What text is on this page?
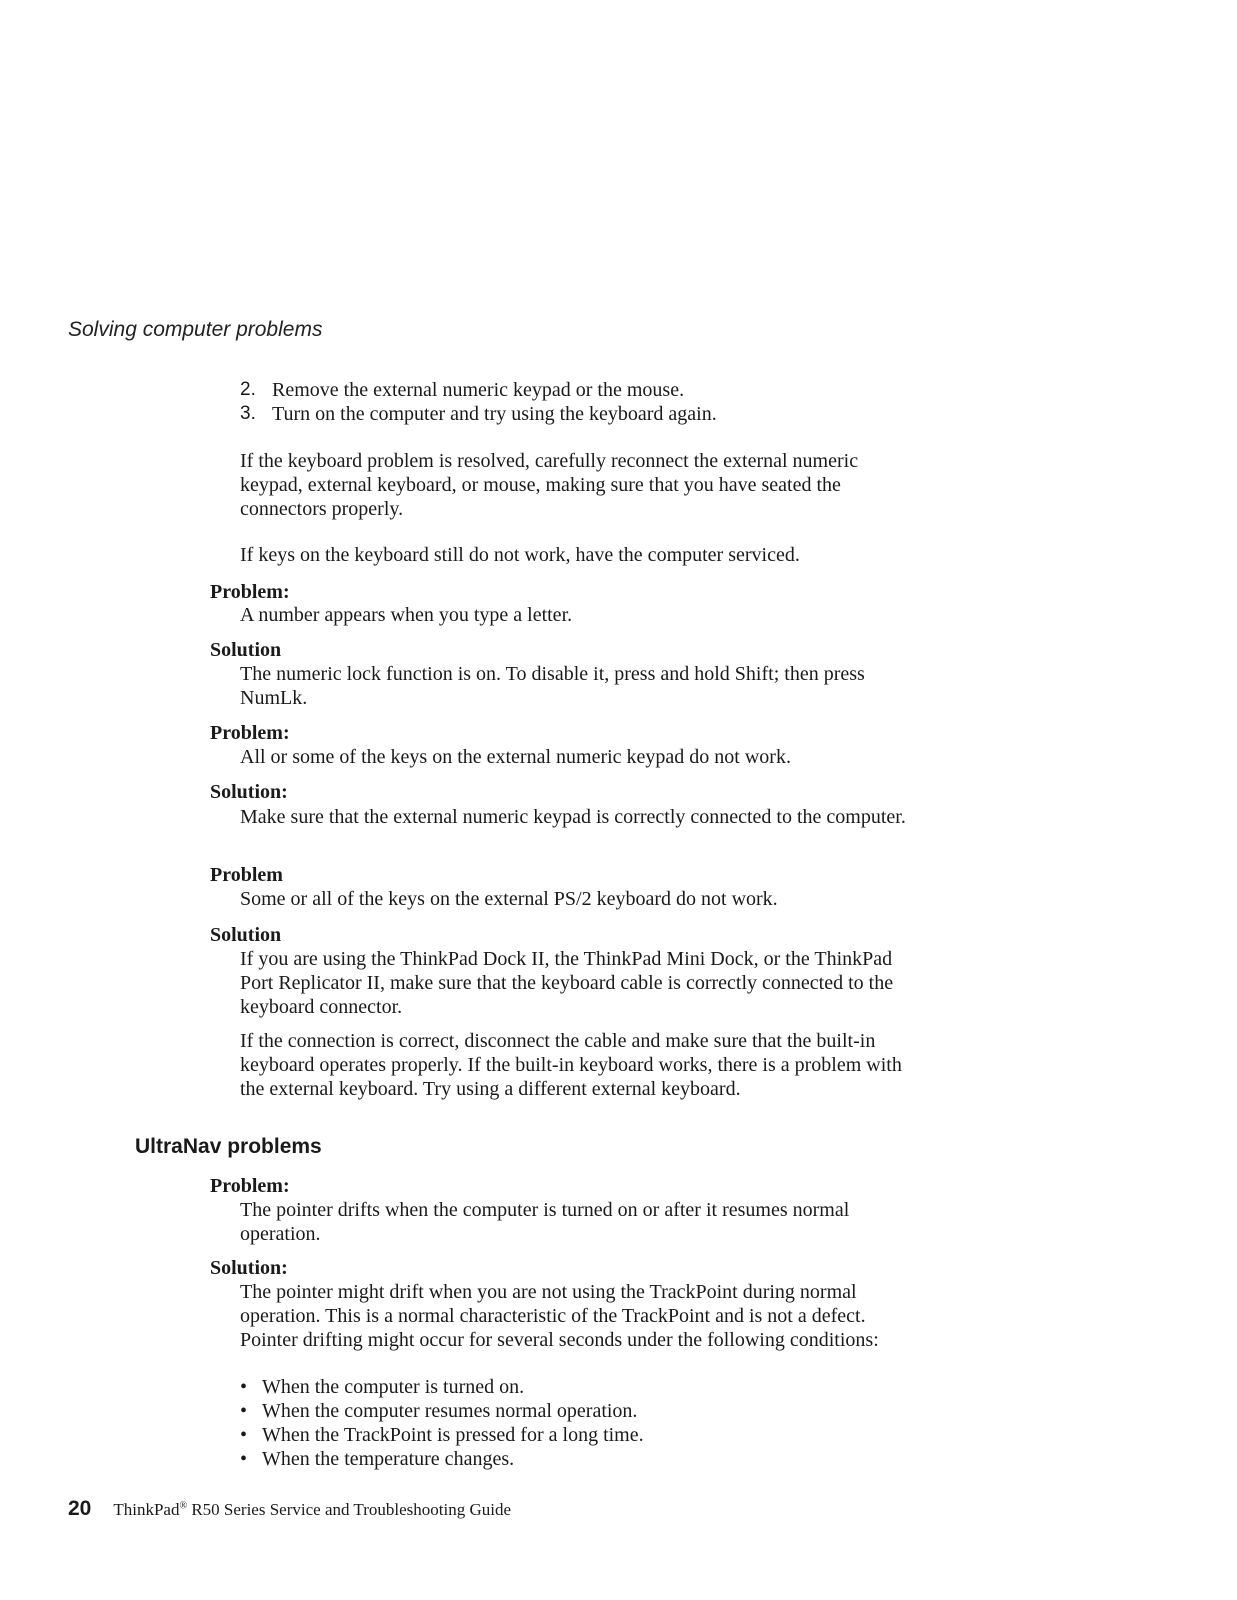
Solving computer problems
2. Remove the external numeric keypad or the mouse.
3. Turn on the computer and try using the keyboard again.

If the keyboard problem is resolved, carefully reconnect the external numeric keypad, external keyboard, or mouse, making sure that you have seated the connectors properly.

If keys on the keyboard still do not work, have the computer serviced.

Problem:

A number appears when you type a letter.

Solution

The numeric lock function is on. To disable it, press and hold Shift; then press NumLk.

Problem:

All or some of the keys on the external numeric keypad do not work.

Solution:

Make sure that the external numeric keypad is correctly connected to the computer.

Problem

Some or all of the keys on the external PS/2 keyboard do not work.

Solution

If you are using the ThinkPad Dock II, the ThinkPad Mini Dock, or the ThinkPad Port Replicator II, make sure that the keyboard cable is correctly connected to the keyboard connector.

If the connection is correct, disconnect the cable and make sure that the built-in keyboard operates properly. If the built-in keyboard works, there is a problem with the external keyboard. Try using a different external keyboard.

UltraNav problems

Problem:

The pointer drifts when the computer is turned on or after it resumes normal operation.

Solution:

The pointer might drift when you are not using the TrackPoint during normal operation. This is a normal characteristic of the TrackPoint and is not a defect. Pointer drifting might occur for several seconds under the following conditions:

• When the computer is turned on.
• When the computer resumes normal operation.
• When the TrackPoint is pressed for a long time.
• When the temperature changes.
20 ThinkPad® R50 Series Service and Troubleshooting Guide
